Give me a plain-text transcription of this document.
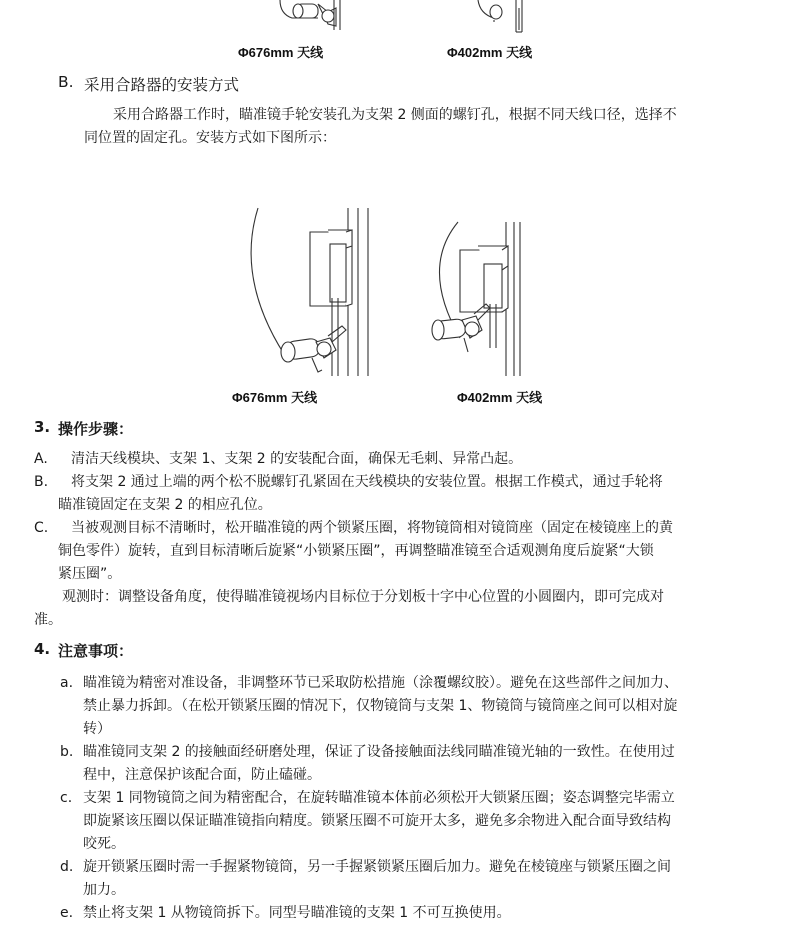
Φ676mm 天线	Φ402mm 天线
B. 采用合路器的安装方式
采用合路器工作时，瞄准镜手轮安装孔为支架 2 侧面的螺钉孔，根据不同天线口径，选择不
同位置的固定孔。安装方式如下图所示：
Φ676mm 天线	Φ402mm 天线
3. 操作步骤：
A. 清洁天线模块、支架 1、支架 2 的安装配合面，确保无毛刺、异常凸起。
B. 将支架 2 通过上端的两个松不脱螺钉孔紧固在天线模块的安装位置。根据工作模式，通过手轮将
瞄准镜固定在支架 2 的相应孔位。
C. 当被观测目标不清晰时，松开瞄准镜的两个锁紧压圈，将物镜筒相对镜筒座（固定在棱镜座上的黄
铜色零件）旋转，直到目标清晰后旋紧“小锁紧压圈”，再调整瞄准镜至合适观测角度后旋紧“大锁
紧压圈”。
观测时：调整设备角度，使得瞄准镜视场内目标位于分划板十字中心位置的小圆圈内，即可完成对
准。
4. 注意事项：
a. 瞄准镜为精密对准设备，非调整环节已采取防松措施（涂覆螺纹胶）。避免在这些部件之间加力、
禁止暴力拆卸。（在松开锁紧压圈的情况下，仅物镜筒与支架 1、物镜筒与镜筒座之间可以相对旋
转）
b. 瞄准镜同支架 2 的接触面经研磨处理，保证了设备接触面法线同瞄准镜光轴的一致性。在使用过
程中，注意保护该配合面，防止磕碰。
c. 支架 1 同物镜筒之间为精密配合，在旋转瞄准镜本体前必须松开大锁紧压圈；姿态调整完毕需立
即旋紧该压圈以保证瞄准镜指向精度。锁紧压圈不可旋开太多，避免多余物进入配合面导致结构
咬死。
d. 旋开锁紧压圈时需一手握紧物镜筒，另一手握紧锁紧压圈后加力。避免在棱镜座与锁紧压圈之间
加力。
e. 禁止将支架 1 从物镜筒拆下。同型号瞄准镜的支架 1 不可互换使用。
